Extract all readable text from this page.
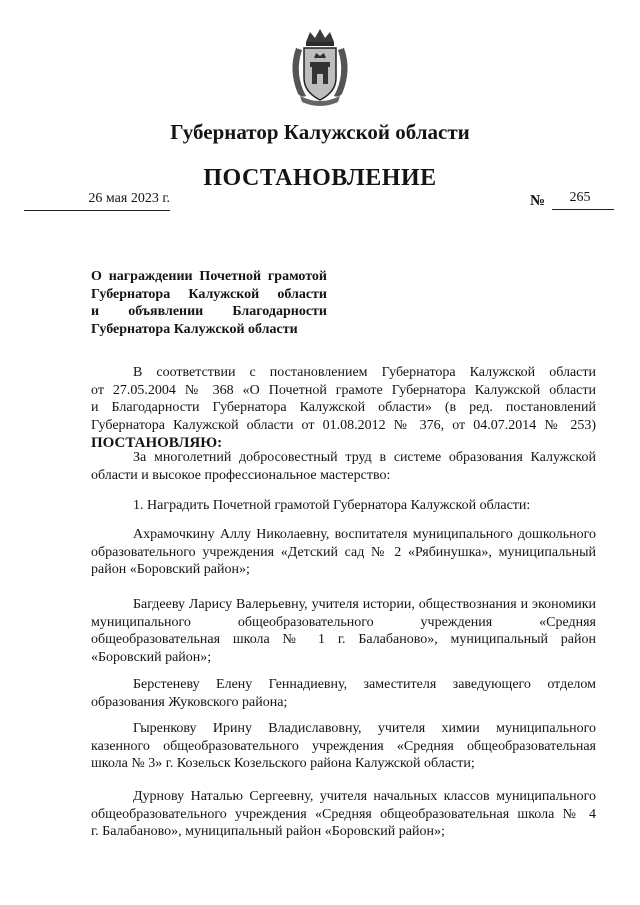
Губернатор Калужской области
ПОСТАНОВЛЕНИЕ
26 мая 2023 г.	№	265
О награждении Почетной грамотой
Губернатора Калужской области
и объявлении Благодарности
Губернатора Калужской области
В соответствии с постановлением Губернатора Калужской области
от 27.05.2004 № 368 «О Почетной грамоте Губернатора Калужской области
и Благодарности Губернатора Калужской области» (в ред. постановлений
Губернатора Калужской области от 01.08.2012 № 376, от 04.07.2014 № 253)
ПОСТАНОВЛЯЮ:
За многолетний добросовестный труд в системе образования Калужской
области и высокое профессиональное мастерство:
1. Наградить Почетной грамотой Губернатора Калужской области:
Ахрамочкину Аллу Николаевну, воспитателя муниципального дошкольного
образовательного учреждения «Детский сад № 2 «Рябинушка», муниципальный
район «Боровский район»;
Багдееву Ларису Валерьевну, учителя истории, обществознания и экономики
муниципального общеобразовательного учреждения «Средняя
общеобразовательная школа № 1 г. Балабаново», муниципальный район
«Боровский район»;
Берстеневу Елену Геннадиевну, заместителя заведующего отделом
образования Жуковского района;
Гыренкову Ирину Владиславовну, учителя химии муниципального
казенного общеобразовательного учреждения «Средняя общеобразовательная
школа № 3» г. Козельск Козельского района Калужской области;
Дурнову Наталью Сергеевну, учителя начальных классов муниципального
общеобразовательного учреждения «Средняя общеобразовательная школа № 4
г. Балабаново», муниципальный район «Боровский район»;
